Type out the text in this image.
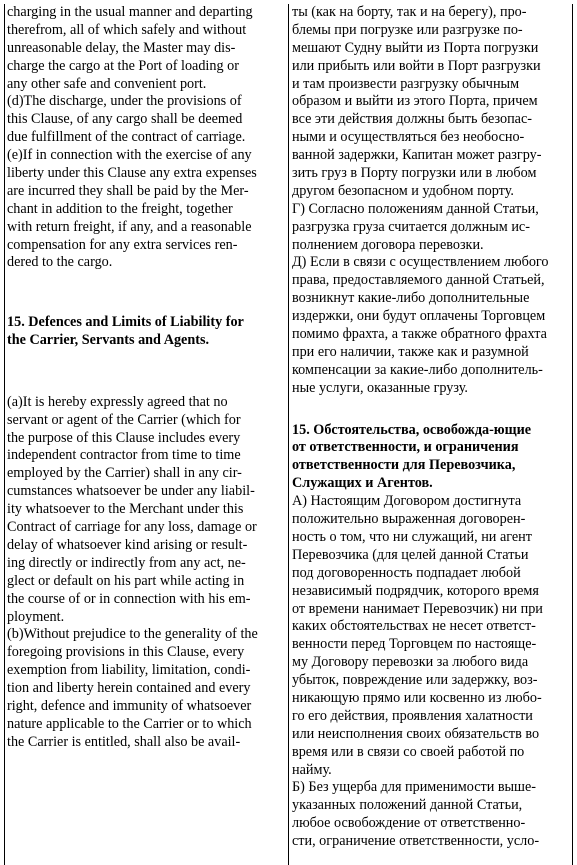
charging in the usual manner and departing
therefrom, all of which safely and without
unreasonable delay, the Master may dis-
charge the cargo at the Port of loading or
any other safe and convenient port.
(d)The discharge, under the provisions of
this Clause, of any cargo shall be deemed
due fulfillment of the contract of carriage.
(e)If in connection with the exercise of any
liberty under this Clause any extra expenses
are incurred they shall be paid by the Mer-
chant in addition to the freight, together
with return freight, if any, and a reasonable
compensation for any extra services ren-
dered to the cargo.
15. Defences and Limits of Liability for
the Carrier, Servants and Agents.
(a)It is hereby expressly agreed that no
servant or agent of the Carrier (which for
the purpose of this Clause includes every
independent contractor from time to time
employed by the Carrier) shall in any cir-
cumstances whatsoever be under any liabil-
ity whatsoever to the Merchant under this
Contract of carriage for any loss, damage or
delay of whatsoever kind arising or result-
ing directly or indirectly from any act, ne-
glect or default on his part while acting in
the course of or in connection with his em-
ployment.
(b)Without prejudice to the generality of the
foregoing provisions in this Clause, every
exemption from liability, limitation, condi-
tion and liberty herein contained and every
right, defence and immunity of whatsoever
nature applicable to the Carrier or to which
the Carrier is entitled, shall also be avail-
ты (как на борту, так и на берегу), про-
блемы при погрузке или разгрузке по-
мешают Судну выйти из Порта погрузки
или прибыть или войти в Порт разгрузки
и там произвести разгрузку обычным
образом и выйти из этого Порта, причем
все эти действия должны быть безопас-
ными и осуществляться без необосно-
ванной задержки, Капитан может разгру-
зить груз в Порту погрузки или в любом
другом безопасном и удобном порту.
Г) Согласно положениям данной Статьи,
разгрузка груза считается должным ис-
полнением договора перевозки.
Д) Если в связи с осуществлением любого
права, предоставляемого данной Статьей,
возникнут какие-либо дополнительные
издержки, они будут оплачены Торговцем
помимо фрахта, а также обратного фрахта
при его наличии, также как и разумной
компенсации за какие-либо дополнитель-
ные услуги, оказанные грузу.
15. Обстоятельства, освобожда-ющие
от ответственности, и ограничения
ответственности для Перевозчика,
Служащих и Агентов.
А) Настоящим Договором достигнута
положительно выраженная договорен-
ность о том, что ни служащий, ни агент
Перевозчика (для целей данной Статьи
под договоренность подпадает любой
независимый подрядчик, которого время
от времени нанимает Перевозчик) ни при
каких обстоятельствах не несет ответст-
венности перед Торговцем по настояще-
му Договору перевозки за любого вида
убыток, повреждение или задержку, воз-
никающую прямо или косвенно из любо-
го его действия, проявления халатности
или неисполнения своих обязательств во
время или в связи со своей работой по
найму.
Б) Без ущерба для применимости выше-
указанных положений данной Статьи,
любое освобождение от ответственно-
сти, ограничение ответственности, усло-
